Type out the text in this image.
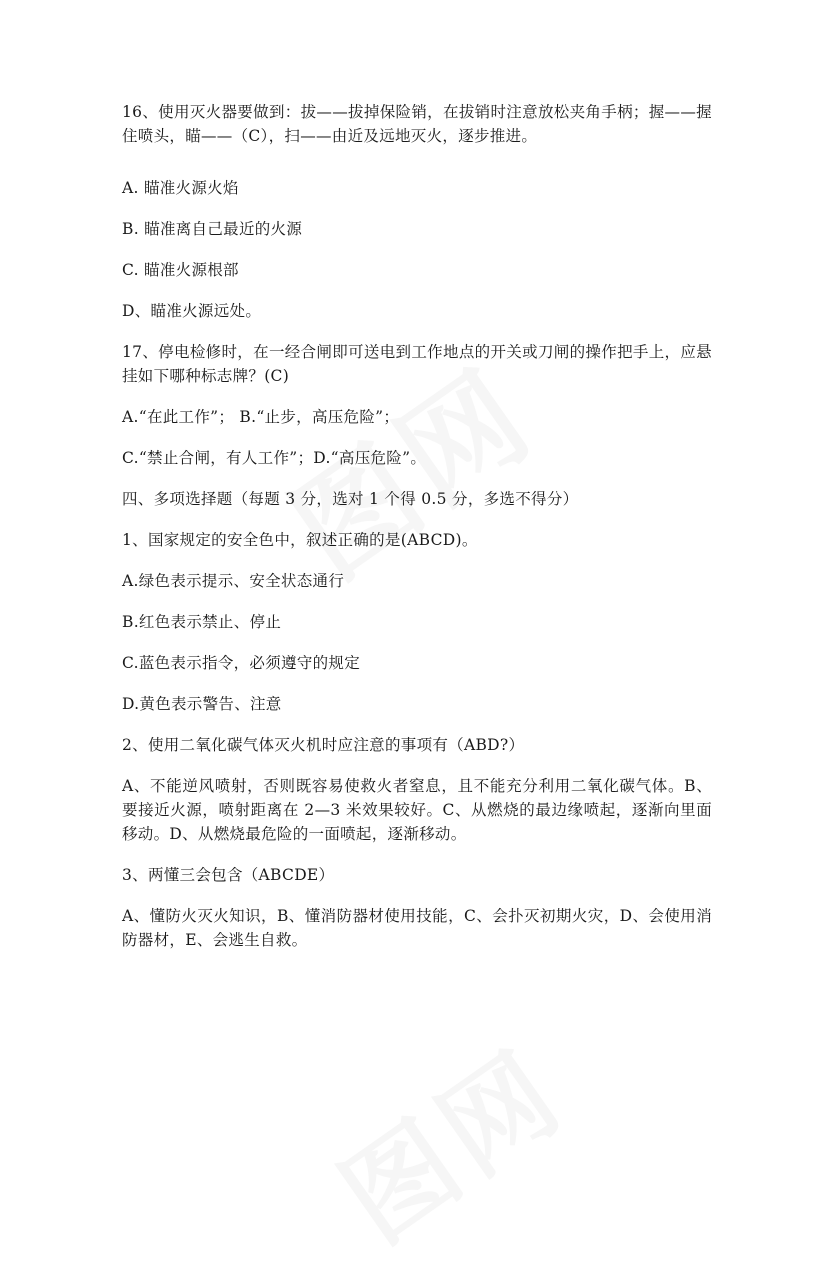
16、使用灭火器要做到：拔——拔掉保险销，在拔销时注意放松夹角手柄；握——握住喷头，瞄——（C），扫——由近及远地灭火，逐步推进。

A. 瞄准火源火焰

B. 瞄准离自己最近的火源

C. 瞄准火源根部

D、瞄准火源远处。

17、停电检修时，在一经合闸即可送电到工作地点的开关或刀闸的操作把手上，应悬挂如下哪种标志牌？(C)

A.“在此工作”； B.“止步，高压危险”；

C.“禁止合闸，有人工作”；D.“高压危险”。

四、多项选择题（每题 3 分，选对 1 个得 0.5 分，多选不得分）

1、国家规定的安全色中，叙述正确的是(ABCD)。

A.绿色表示提示、安全状态通行

B.红色表示禁止、停止

C.蓝色表示指令，必须遵守的规定

D.黄色表示警告、注意

2、使用二氧化碳气体灭火机时应注意的事项有（ABD?）

A、不能逆风喷射，否则既容易使救火者窒息，且不能充分利用二氧化碳气体。B、要接近火源，喷射距离在 2—3 米效果较好。C、从燃烧的最边缘喷起，逐渐向里面移动。D、从燃烧最危险的一面喷起，逐渐移动。

3、两懂三会包含（ABCDE）

A、懂防火灭火知识，B、懂消防器材使用技能，C、会扑灭初期火灾，D、会使用消防器材，E、会逃生自救。
